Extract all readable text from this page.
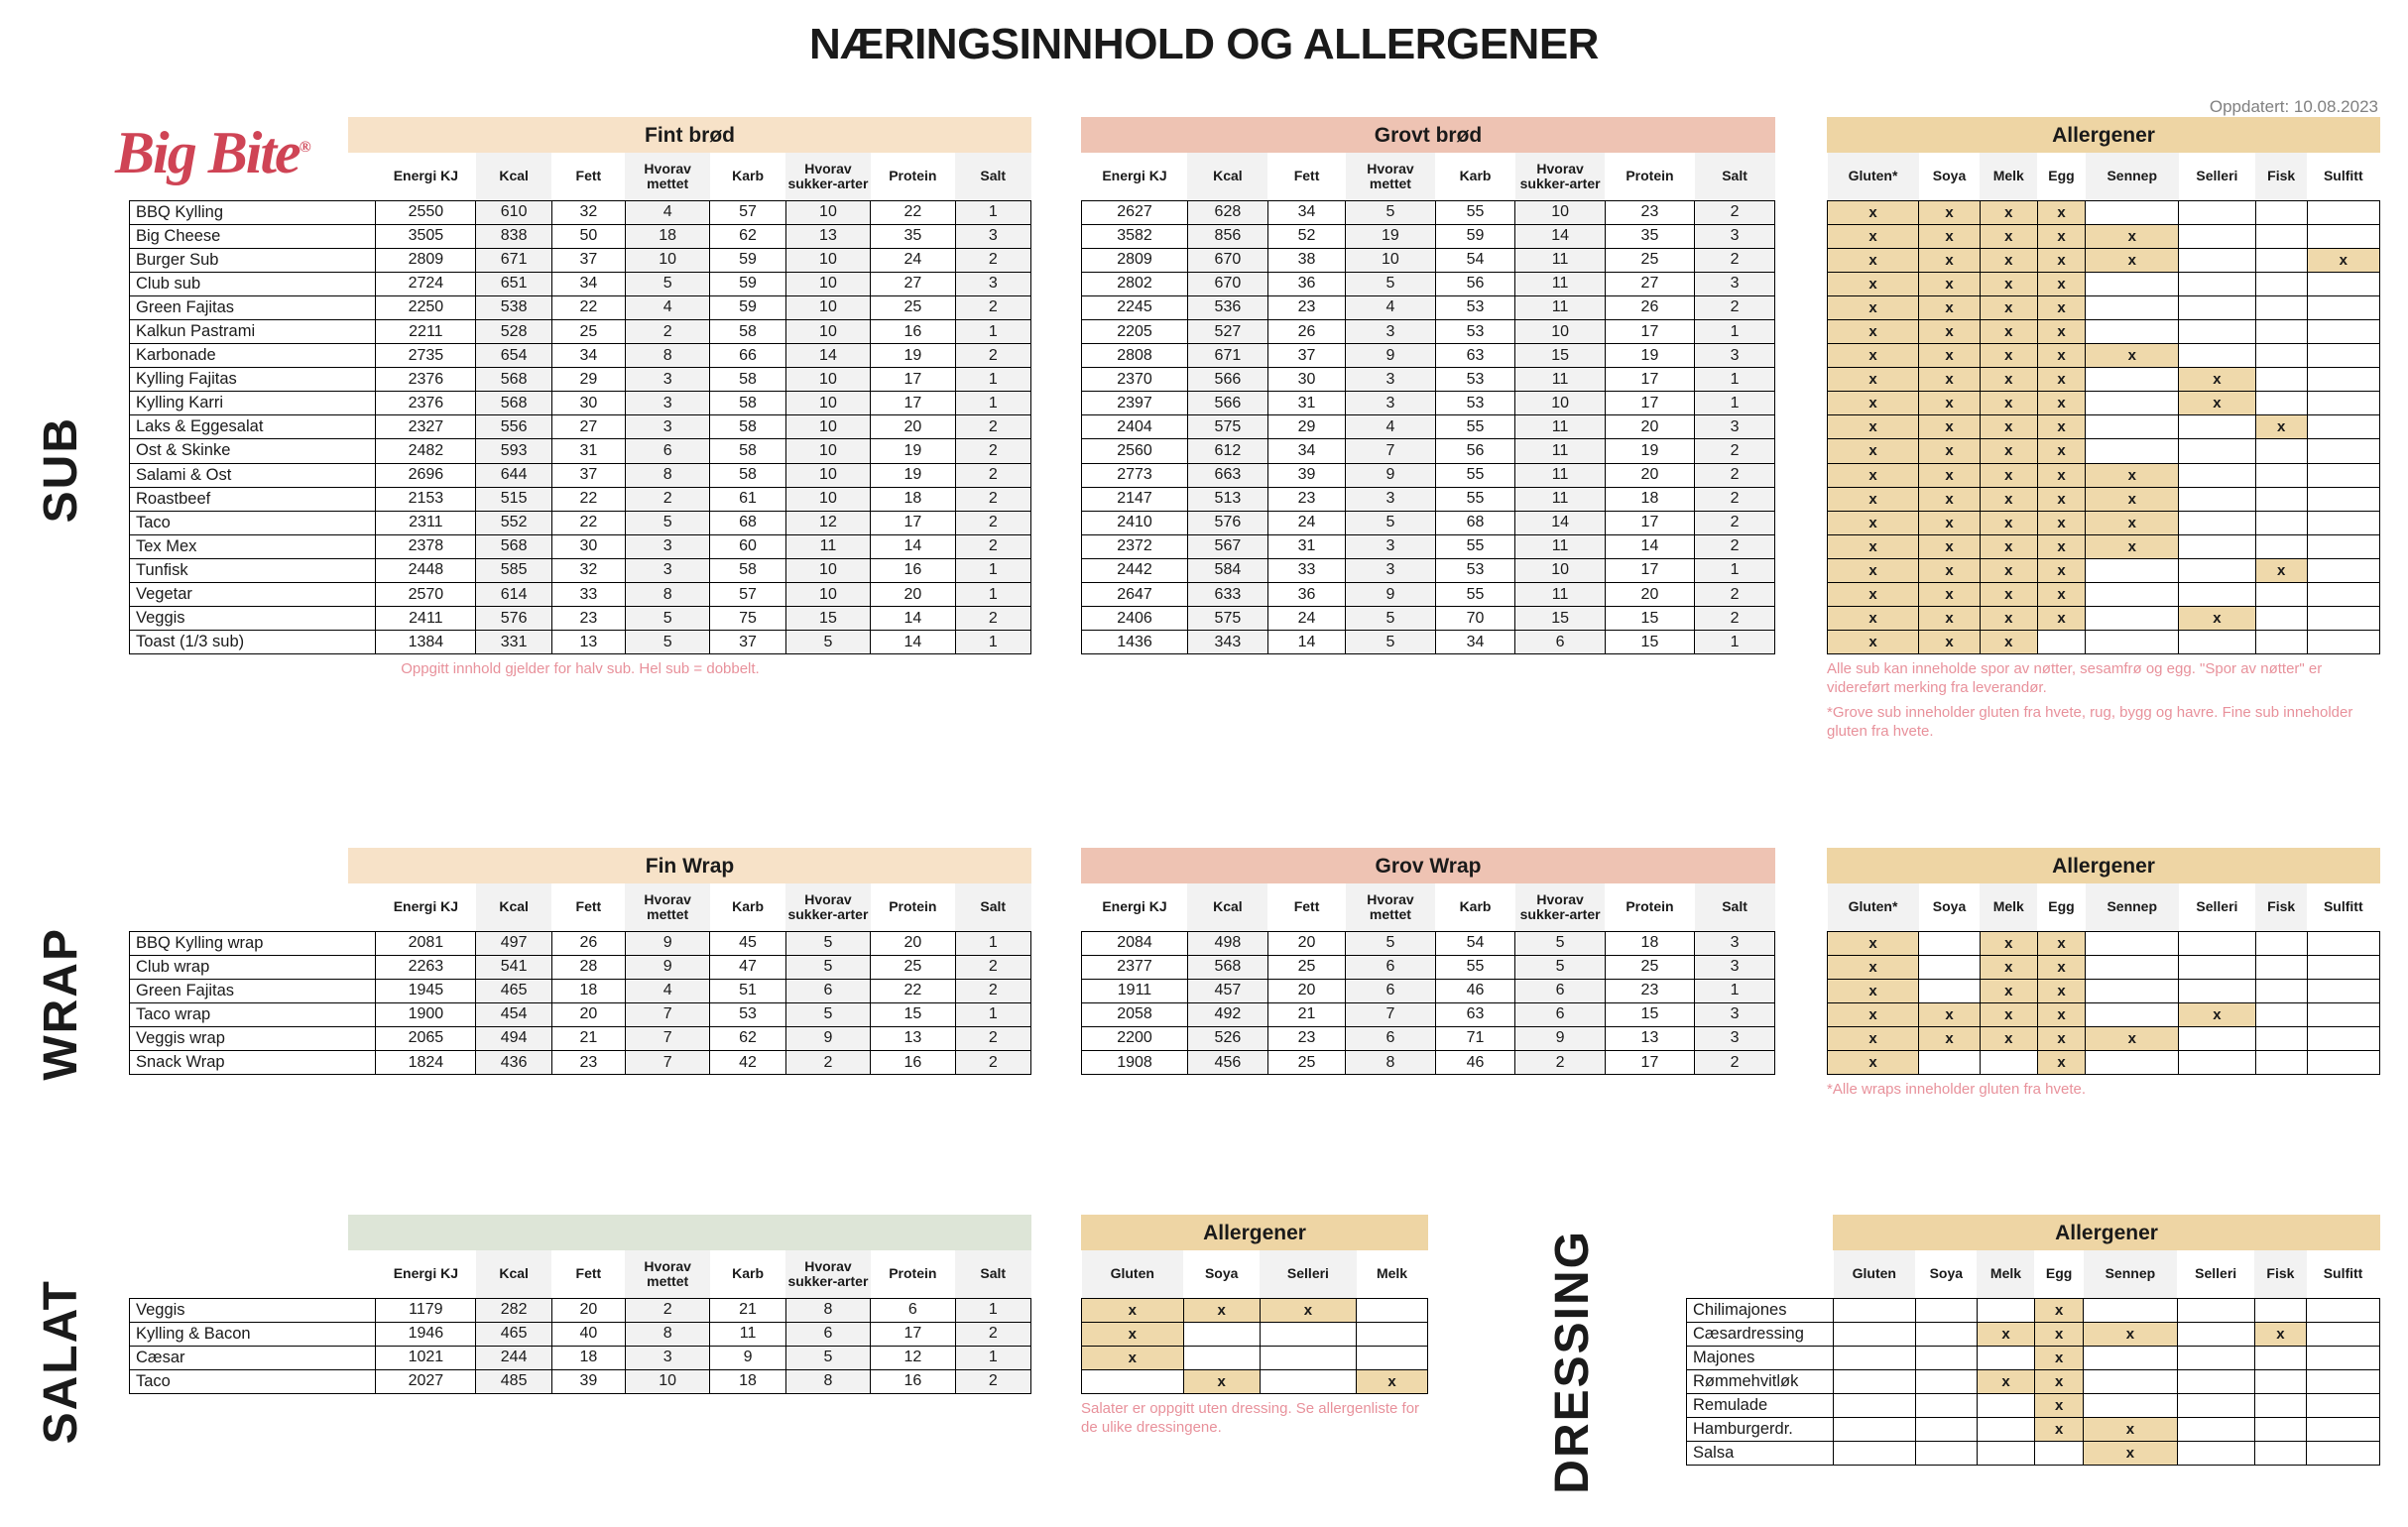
NÆRINGSINNHOLD OG ALLERGENER
Oppdatert: 10.08.2023
Big Bite®
SUB
WRAP
SALAT	DRESSING
Fint brød
	Energi KJ	Kcal	Fett	Hvorav mettet	Karb	Hvorav sukker-arter	Protein	Salt
BBQ Kylling	2550	610	32	4	57	10	22	1
Big Cheese	3505	838	50	18	62	13	35	3
Burger Sub	2809	671	37	10	59	10	24	2
Club sub	2724	651	34	5	59	10	27	3
Green Fajitas	2250	538	22	4	59	10	25	2
Kalkun Pastrami	2211	528	25	2	58	10	16	1
Karbonade	2735	654	34	8	66	14	19	2
Kylling Fajitas	2376	568	29	3	58	10	17	1
Kylling Karri	2376	568	30	3	58	10	17	1
Laks & Eggesalat	2327	556	27	3	58	10	20	2
Ost & Skinke	2482	593	31	6	58	10	19	2
Salami & Ost	2696	644	37	8	58	10	19	2
Roastbeef	2153	515	22	2	61	10	18	2
Taco	2311	552	22	5	68	12	17	2
Tex Mex	2378	568	30	3	60	11	14	2
Tunfisk	2448	585	32	3	58	10	16	1
Vegetar	2570	614	33	8	57	10	20	1
Veggis	2411	576	23	5	75	15	14	2
Toast (1/3 sub)	1384	331	13	5	37	5	14	1
Oppgitt innhold gjelder for halv sub. Hel sub = dobbelt.
Grovt brød
Energi KJ	Kcal	Fett	Hvorav mettet	Karb	Hvorav sukker-arter	Protein	Salt
2627	628	34	5	55	10	23	2
3582	856	52	19	59	14	35	3
2809	670	38	10	54	11	25	2
2802	670	36	5	56	11	27	3
2245	536	23	4	53	11	26	2
2205	527	26	3	53	10	17	1
2808	671	37	9	63	15	19	3
2370	566	30	3	53	11	17	1
2397	566	31	3	53	10	17	1
2404	575	29	4	55	11	20	3
2560	612	34	7	56	11	19	2
2773	663	39	9	55	11	20	2
2147	513	23	3	55	11	18	2
2410	576	24	5	68	14	17	2
2372	567	31	3	55	11	14	2
2442	584	33	3	53	10	17	1
2647	633	36	9	55	11	20	2
2406	575	24	5	70	15	15	2
1436	343	14	5	34	6	15	1
Allergener
Gluten*	Soya	Melk	Egg	Sennep	Selleri	Fisk	Sulfitt
x	x	x	x				
x	x	x	x	x			
x	x	x	x	x			x
x	x	x	x				
x	x	x	x				
x	x	x	x				
x	x	x	x	x			
x	x	x	x		x		
x	x	x	x		x		
x	x	x	x			x	
x	x	x	x				
x	x	x	x	x			
x	x	x	x	x			
x	x	x	x	x			
x	x	x	x	x			
x	x	x	x			x	
x	x	x	x				
x	x	x	x		x		
x	x	x					
Alle sub kan inneholde spor av nøtter, sesamfrø og egg. "Spor av nøtter" er videreført merking fra leverandør.
*Grove sub inneholder gluten fra hvete, rug, bygg og havre. Fine sub inneholder gluten fra hvete.
Fin Wrap
	Energi KJ	Kcal	Fett	Hvorav mettet	Karb	Hvorav sukker-arter	Protein	Salt
BBQ Kylling wrap	2081	497	26	9	45	5	20	1
Club wrap	2263	541	28	9	47	5	25	2
Green Fajitas	1945	465	18	4	51	6	22	2
Taco wrap	1900	454	20	7	53	5	15	1
Veggis wrap	2065	494	21	7	62	9	13	2
Snack Wrap	1824	436	23	7	42	2	16	2
Grov Wrap
Energi KJ	Kcal	Fett	Hvorav mettet	Karb	Hvorav sukker-arter	Protein	Salt
2084	498	20	5	54	5	18	3
2377	568	25	6	55	5	25	3
1911	457	20	6	46	6	23	1
2058	492	21	7	63	6	15	3
2200	526	23	6	71	9	13	3
1908	456	25	8	46	2	17	2
Allergener
Gluten*	Soya	Melk	Egg	Sennep	Selleri	Fisk	Sulfitt
x		x	x				
x		x	x				
x		x	x				
x	x	x	x		x		
x	x	x	x	x			
x			x				
*Alle wraps inneholder gluten fra hvete.

	Energi KJ	Kcal	Fett	Hvorav mettet	Karb	Hvorav sukker-arter	Protein	Salt
Veggis	1179	282	20	2	21	8	6	1
Kylling & Bacon	1946	465	40	8	11	6	17	2
Cæsar	1021	244	18	3	9	5	12	1
Taco	2027	485	39	10	18	8	16	2
Allergener
Gluten	Soya	Selleri	Melk
x	x	x	
x			
x			
	x		x
Salater er oppgitt uten dressing. Se allergenliste for de ulike dressingene.
Allergener
	Gluten	Soya	Melk	Egg	Sennep	Selleri	Fisk	Sulfitt
Chilimajones				x				
Cæsardressing			x	x	x		x	
Majones				x				
Rømmehvitløk			x	x				
Remulade				x				
Hamburgerdr.				x	x			
Salsa					x			
